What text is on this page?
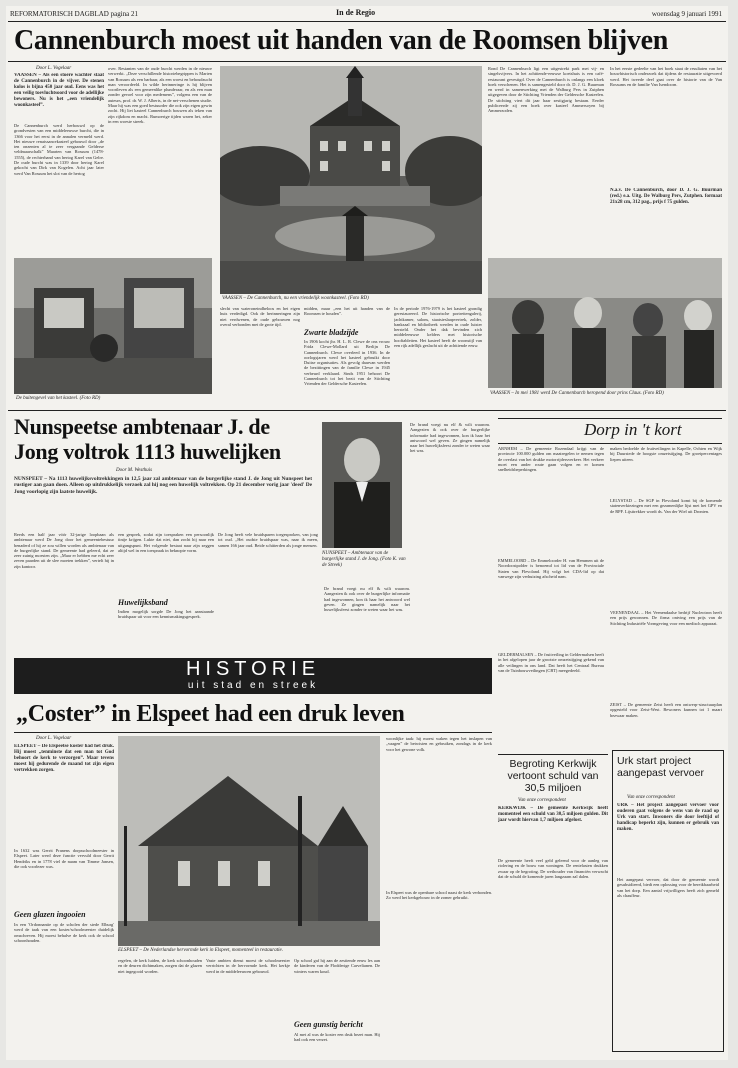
REFORMATORISCH DAGBLAD pagina 21	In de Regio	woensdag 9 januari 1991
Cannenburch moest uit handen van de Roomsen blijven
Door L. Vogelaar
VAASSEN – Als een stoere wachter staat de Cannenburch in de vijver. De stenen kolos is bijna 450 jaar oud. Eens was het een veilig toevluchtsoord voor de adellijke bewoners. Nu is het „een vriendelijk woonkasteel”.
De Cannenburch werd herbouwd op de grondvesten van een middeleeuwse burcht, die in 1366 voor het eerst in de annalen vermeld werd. Het nieuwe renaissancekasteel gebouwd door „de ten onzenten al te zeer vergaande Gelderse veldmaarschalk” Maarten van Rossum (1478-1555), de rechterhand van hertog Karel van Gelre. De oude burcht was in 1339 door hertog Karel gekocht van Dirk van Kogelen. Acht jaar later werd Van Rossum het slot van de hertog
over. Restanten van de oude burcht werden in de nieuwe verwerkt. „Deze verschillende historiebegrippen is Marten van Rossum als een barbaar, als een woest en behoudzucht man veroordeeld. In wilde herinneringe is hij blijven voortleven als een gemeenlike plunderaar, en als een man zonder gevoel voor zijn medemens”, volgens een van de auteurs, prof. dr. W. J. Alberts, in de net-verschenen studie. Maar hij was een goed bestuurder die ook zijn eigen gewin zocht. Hij liet kasteel Cannenburch bouwen als teken van zijn rijkdom en macht. Rumoerige tijden waren het, zeker in een woeste streek.
VAASSEN – De Cannenburch, nu een vriendelijk woonkasteel. (Foto RD)
De buitengevel van het kasteel. (Foto RD)
slecht van wateroneindheloos en het eigen huis verdedigd. Ook de herinneringen zijn niet verdwenen, de oude gebouwen nog overal verbonden met de grote tijd.
midden, maar „een het uit handen van de Roomsen te houden”.
Zwarte bladzijde
In 1906 kocht jhr. H. L. R. Clewe de ons vrouw Frida Clewe-Mollard uit Berlijn De Cannenburch. Clewe overleed in 1936. In de oorlogsjaren werd het kasteel gebruikt door Duitse organisaties. Als gevolg daarvan werden de bezittingen van de familie Clewe in 1945 verbeurd verklaard. Sinds 1951 behoort De Cannenburch tot het bezit van de Stichting Vrienden der Geldersche Kasteelen.
In de periode 1976-1979 is het kasteel grondig gerestaureerd. De historische portrettengalerij, jachtkamer, salons, staatsieslaapvertrek, zolder, bankzaal en bibliotheek werden in oude luister hersteld. Onder het dak bevinden zich middeleeuwse kelders met historische hooftabletten. Het kasteel heeft de woonstijl van een rijk adellijk geslacht uit de achttiende eeuw.
Rond De Cannenburch ligt een uitgestrekt park met vij- en singelsvijvers. In het achttiende-eeuwse koetshuis is een café-restaurant gevestigd. Over de Cannenburch is onlangs een kloek boek verschenen. Het is samengesteld door dr. D. J. G. Buurman en werd in samenwerking met de Walburg Pers in Zutphen uitgegeven door de Stichting Vrienden der Geldersche Kasteelen. De stichting viert dit jaar haar zestigjarig bestaan. Eerder publiceerde zij een boek over kasteel Ammersoyen bij Ammerzoden.
In het eerste gedeelte van het boek staat de resultaten van het bouwhistorisch onderzoek dat tijdens de restauratie uitgevoerd werd. Het tweede deel gaat over de historie van de Van Rossums en de familie Van Isendoorn.
N.a.v. De Cannenburch, door D. J. G. Buurman (red.) e.a. Uitg. De Walburg Pers, Zutphen. formaat 21x28 cm, 312 pag., prijs f 75 gulden.
VAASSEN – In mei 1981 werd De Cannenburch heropend door prins Claus. (Foto RD)
Nunspeetse ambtenaar J. de Jong voltrok 1113 huwelijken
Door M. Westhuis
NUNSPEET – Na 1113 huwelijksvoltrekkingen in 12,5 jaar zal ambtenaar van de burgerlijke stand J. de Jong uit Nunspeet het rustiger aan gaan doen. Alleen op uitdrukkelijk verzoek zal hij nog een huwelijk voltrekken. Op 21 december vorig jaar 'deed' De Jong voorlopig zijn laatste huwelijk.
Reeds een half jaar vóór 32-jarige loopbaan als ambtenaar werd De Jong door het gemeentebestuur benaderd of hij ze zou willen worden als ambtenaar van de burgerlijke stand. De gemeente had geleerd, dat ze zeer zuinig moesten zijn. „Maar er hebben me echt zeer zeven paarden uit de slee moeten trekken”, vertelt hij in zijn kantoor.
een gesprek, zodat zijn toespraken een persoonlijk tintje krijgen. Lukte dat niet, dan zocht hij naar een uitgangspunt. Het volgende bestaat naar zijn zeggen altijd wel in een toespraak in beknopte vorm.
Huwelijksband
Indien mogelijk sorgde De Jong het aanstaande bruidspaar uit voor een kennismakingsgesprek.
De Jong heeft vele bruidsparen toegesproken, van jong tot oud. „Het oudste bruidspaar was, naar ik meen, samen 166 jaar oud. Beide schitterden als jonge mensen.
NUNSPEET – Ambtenaar van de burgerlijke stand J. de Jong. (Foto K. van de Streek)
De brand voegt nu elf & wilt waarom. Aangezien ik ook over de burgerlijke informatie had ingewonnen, kon ik haar het antwoord wel geven. Ze gingen namelijk naar het huwelijksfeest zonder te weten waar het was.
De brand voegt nu elf & wilt waarom. Aangezien ik ook over de burgerlijke informatie had ingewonnen, kon ik haar het antwoord wel geven. Ze gingen namelijk naar het huwelijksfeest zonder te weten waar het was.
Dorp in 't kort
ARNHEM – De gemeente Rozendaal krijgt van de provincie 100.000 gulden om maatregelen te nemen tegen de overlast van het drukke motorrijdersverkeer. Het verkeer moet een ander route gaan volgen en er komen snelheidsbeperkingen.
EMMELOORD – De Emmeloorder H. van Hemmen uit de Noordoostpolder is benoemd tot lid van de Provinciale Staten van Flevoland. Hij volgt het CDA-lid op dat vanwege zijn verhuizing afscheid nam.
GELDERMALSEN – De fruitveiling in Geldermalsen heeft in het afgelopen jaar de grootste omzetstijging gekend van alle veilingen in ons land. Dat heeft het Centraal Bureau van de Tuinbouwveilingen (CBT) meegedeeld.
maken bedoelde de fruitveilingen in Kapelle, Ochten en Wijk bij Duurstede de hoogste omzetstijging. De groeipercentages liepen uiteen.
LELYSTAD – De SGP in Flevoland komt bij de komende statenverkiezingen met een gezamenlijke lijst met het GPV en de RPF. Lijsttrekker wordt ds. Van der Wiel uit Dronten.
VEENENDAAL – Het Veenendaalse bedrijf Nucleotron heeft een prijs gewonnen. De firma ontving een prijs van de Stichting Industriële Vormgeving voor een medisch apparaat.
ZEIST – De gemeente Zeist heeft een ontwerp-structuurplan opgesteld voor Zeist-West. Bewoners kunnen tot 1 maart bezwaar maken.
HISTORIE
uit stad en streek
„Coster” in Elspeet had een druk leven
Door L. Vogelaar
ELSPEET – De Elspeetse koster had het druk. Hij moest „tenminste dat een man tot God behoort de kerk te verzorgen”. Maar tevens moest hij gedurende de maand tot zijn eigen vertrekken zorgen.
In 1632 was Gerrit Pranens dorpsschoolmeester in Elspeet. Later werd deze functie vervuld door Gerrit Hendriks en in 1778 viel de naam van Timme Jansen, die ook voorlezer was.
Geen glazen ingooien
In een 'Ordonnantie op de scholen der stede Elburg' werd de taak van een koster/schoolmeester duidelijk omschreven. Hij moest behalve de kerk ook de school schoonhouden.
ELSPEET – De Nederlandse hervormde kerk in Elspeet, momenteel in restauratie.
regelen, de kerk luiden, de kerk schoonhouden en de deuren dichtmaken, zorgen dat de glazen niet ingegooid worden.
Vaste ambten dienst moest de schoolmeester verrichten in de hervormde kerk. Het kerkje werd in de middeleeuwen gebouwd.
Op school gaf hij aan de zestiende eeuw les aan de kinderen van de Flodderige Carvelianen. De winters waren koud.
Geen gunstig bericht
Al met al was de koster een druk bezet man. Hij had ook een verzet.
woonlijke taak: hij moest waken tegen het inslapen van „vaagen” de betwisten en gebruiken, zondags in de kerk voor het gewone volk.
In Elspeet was de openbare school naast de kerk verbonden. Zo werd het kerkgebouw in de zomer gebruikt.
Begroting Kerkwijk vertoont schuld van 30,5 miljoen
Van onze correspondent
KERKWIJK – De gemeente Kerkwijk heeft momenteel een schuld van 30,5 miljoen gulden. Dit jaar wordt hiervan 1,7 miljoen afgelost.
De gemeente heeft veel geld geleend voor de aanleg van riolering en de bouw van woningen. De rentelasten drukken zwaar op de begroting. De wethouder van financiën verwacht dat de schuld de komende jaren langzaam zal dalen.
Urk start project aangepast vervoer
Van onze correspondent
URK – Het project aangepast vervoer voor ouderen gaat volgens de wens van de raad op Urk van start. Inwoners die door leeftijd of handicap beperkt zijn, kunnen er gebruik van maken.
Het aangepast vervoer, dat door de gemeente wordt gesubsidieerd, biedt een oplossing voor de bereikbaarheid van het dorp. Een aantal vrijwilligers heeft zich gemeld als chauffeur.
